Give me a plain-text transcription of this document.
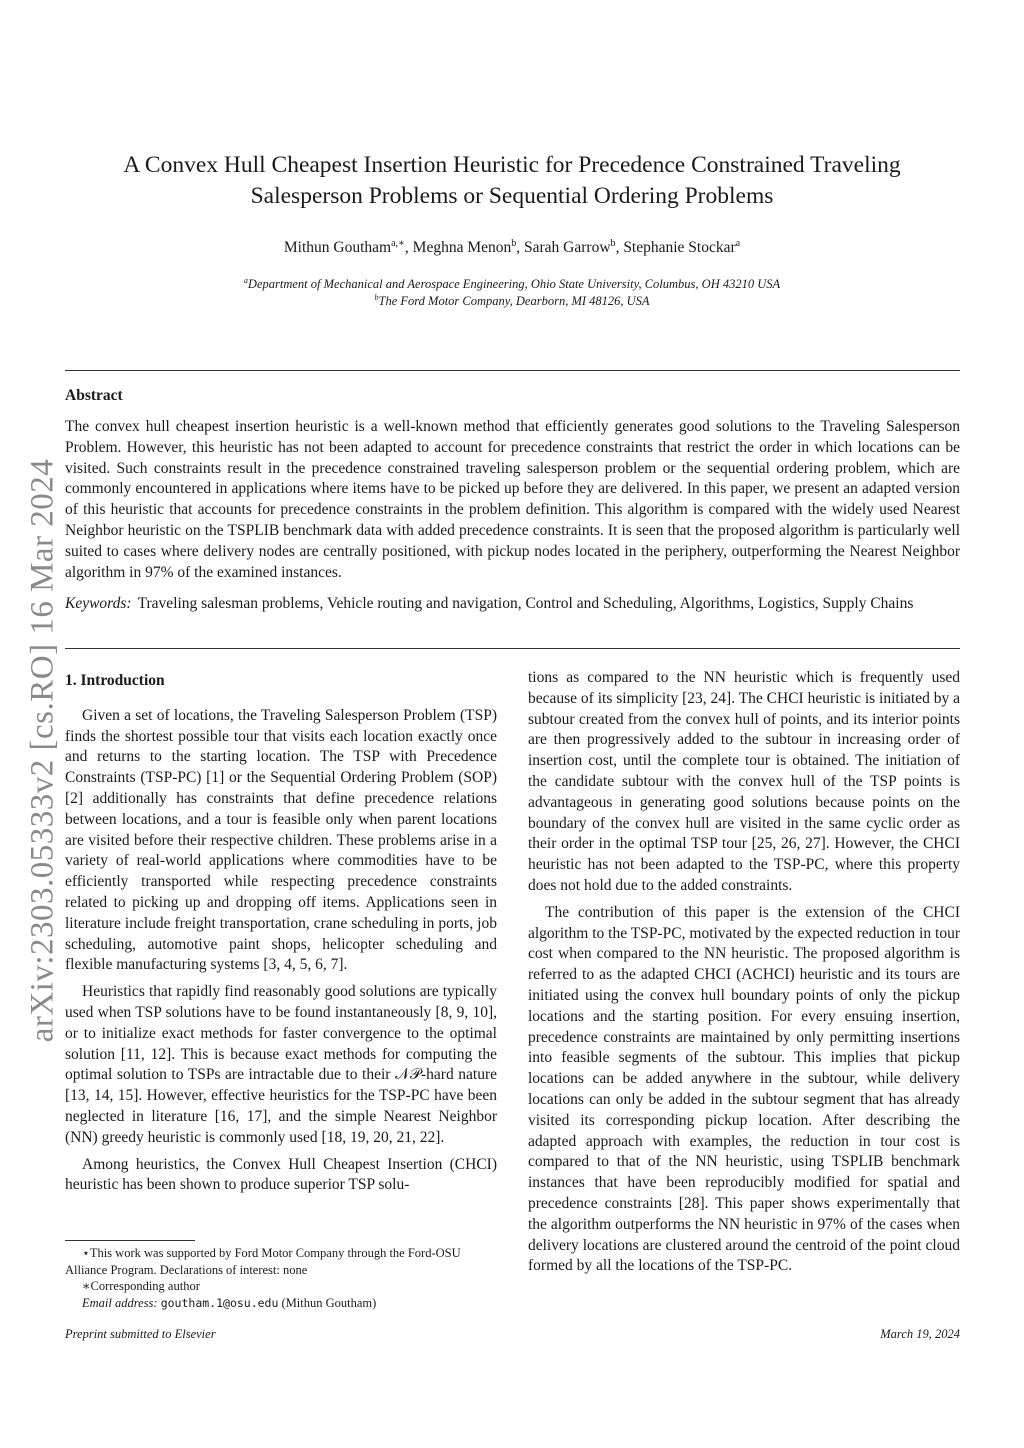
arXiv:2303.05333v2 [cs.RO] 16 Mar 2024
A Convex Hull Cheapest Insertion Heuristic for Precedence Constrained Traveling
Salesperson Problems or Sequential Ordering Problems

Mithun Goutham$^{a,∗}$, Meghna Menon$^b$, Sarah Garrow$^b$, Stephanie Stockar$^a$

$^a$Department of Mechanical and Aerospace Engineering, Ohio State University, Columbus, OH 43210 USA
$^b$The Ford Motor Company, Dearborn, MI 48126, USA
Abstract

The convex hull cheapest insertion heuristic is a well-known method that efficiently generates good solutions to the Traveling Salesperson Problem. However, this heuristic has not been adapted to account for precedence constraints that restrict the order in which locations can be visited. Such constraints result in the precedence constrained traveling salesperson problem or the sequential ordering problem, which are commonly encountered in applications where items have to be picked up before they are delivered. In this paper, we present an adapted version of this heuristic that accounts for precedence constraints in the problem definition. This algorithm is compared with the widely used Nearest Neighbor heuristic on the TSPLIB benchmark data with added precedence constraints. It is seen that the proposed algorithm is particularly well suited to cases where delivery nodes are centrally positioned, with pickup nodes located in the periphery, outperforming the Nearest Neighbor algorithm in 97% of the examined instances.

Keywords: Traveling salesman problems, Vehicle routing and navigation, Control and Scheduling, Algorithms, Logistics, Supply Chains

1. Introduction

Given a set of locations, the Traveling Salesperson Problem (TSP) finds the shortest possible tour that visits each location exactly once and returns to the starting location. The TSP with Precedence Constraints (TSP-PC) [1] or the Sequential Ordering Problem (SOP) [2] additionally has constraints that define precedence relations between locations, and a tour is feasible only when parent locations are visited before their respective children. These problems arise in a variety of real-world applications where commodities have to be efficiently transported while respecting precedence constraints related to picking up and dropping off items. Applications seen in literature include freight transportation, crane scheduling in ports, job scheduling, automotive paint shops, helicopter scheduling and flexible manufacturing systems [3, 4, 5, 6, 7].

Heuristics that rapidly find reasonably good solutions are typically used when TSP solutions have to be found instantaneously [8, 9, 10], or to initialize exact methods for faster convergence to the optimal solution [11, 12]. This is because exact methods for computing the optimal solution to TSPs are intractable due to their 𝒩𝒫-hard nature [13, 14, 15]. However, effective heuristics for the TSP-PC have been neglected in literature [16, 17], and the simple Nearest Neighbor (NN) greedy heuristic is commonly used [18, 19, 20, 21, 22].

Among heuristics, the Convex Hull Cheapest Insertion (CHCI) heuristic has been shown to produce superior TSP solu-

tions as compared to the NN heuristic which is frequently used because of its simplicity [23, 24]. The CHCI heuristic is initiated by a subtour created from the convex hull of points, and its interior points are then progressively added to the subtour in increasing order of insertion cost, until the complete tour is obtained. The initiation of the candidate subtour with the convex hull of the TSP points is advantageous in generating good solutions because points on the boundary of the convex hull are visited in the same cyclic order as their order in the optimal TSP tour [25, 26, 27]. However, the CHCI heuristic has not been adapted to the TSP-PC, where this property does not hold due to the added constraints.

The contribution of this paper is the extension of the CHCI algorithm to the TSP-PC, motivated by the expected reduction in tour cost when compared to the NN heuristic. The proposed algorithm is referred to as the adapted CHCI (ACHCI) heuristic and its tours are initiated using the convex hull boundary points of only the pickup locations and the starting position. For every ensuing insertion, precedence constraints are maintained by only permitting insertions into feasible segments of the subtour. This implies that pickup locations can be added anywhere in the subtour, while delivery locations can only be added in the subtour segment that has already visited its corresponding pickup location. After describing the adapted approach with examples, the reduction in tour cost is compared to that of the NN heuristic, using TSPLIB benchmark instances that have been reproducibly modified for spatial and precedence constraints [28]. This paper shows experimentally that the algorithm outperforms the NN heuristic in 97% of the cases when delivery locations are clustered around the centroid of the point cloud formed by all the locations of the TSP-PC.

⋆This work was supported by Ford Motor Company through the Ford-OSU Alliance Program. Declarations of interest: none
∗Corresponding author
Email address: goutham.1@osu.edu (Mithun Goutham)
Preprint submitted to Elsevier	March 19, 2024
